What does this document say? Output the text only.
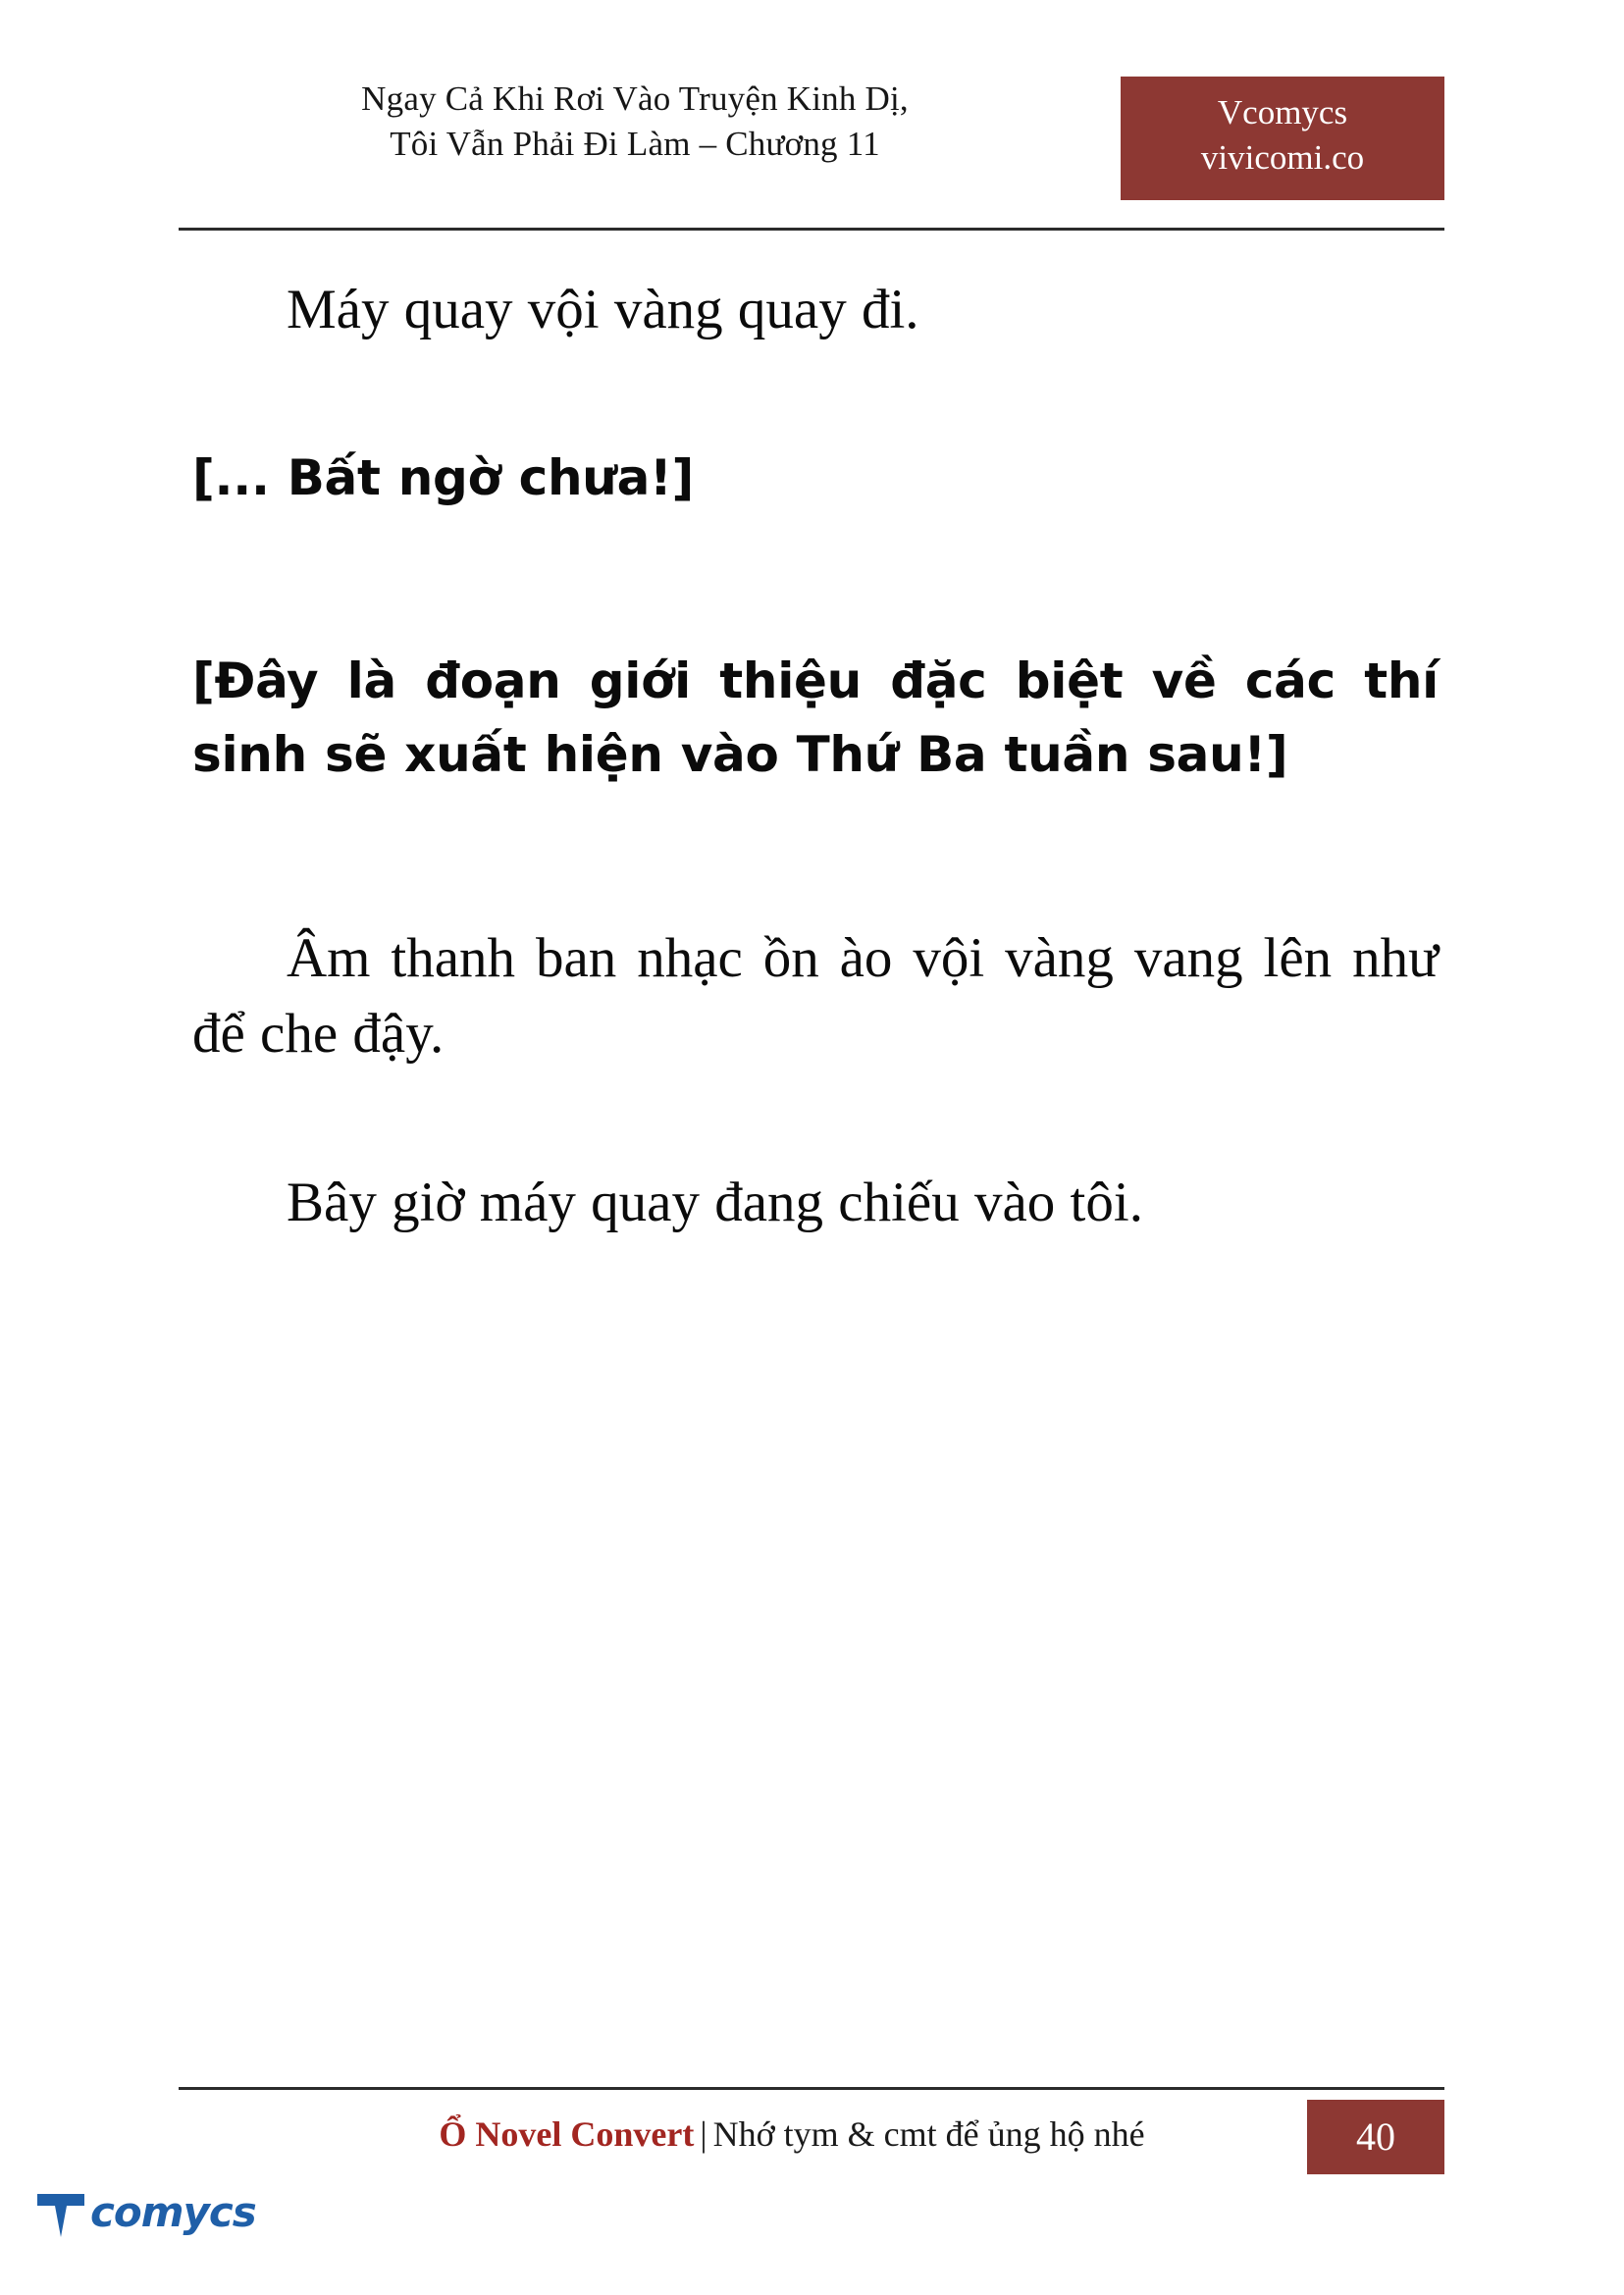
Ngay Cả Khi Rơi Vào Truyện Kinh Dị,
Tôi Vẫn Phải Đi Làm – Chương 11
Vcomycs
vivicomi.co

Máy quay vội vàng quay đi.

[... Bất ngờ chưa!]

[Đây là đoạn giới thiệu đặc biệt về các thí sinh sẽ xuất hiện vào Thứ Ba tuần sau!]

Âm thanh ban nhạc ồn ào vội vàng vang lên như để che đậy.

Bây giờ máy quay đang chiếu vào tôi.

Ổ Novel Convert | Nhớ tym & cmt để ủng hộ nhé	40
comycs
